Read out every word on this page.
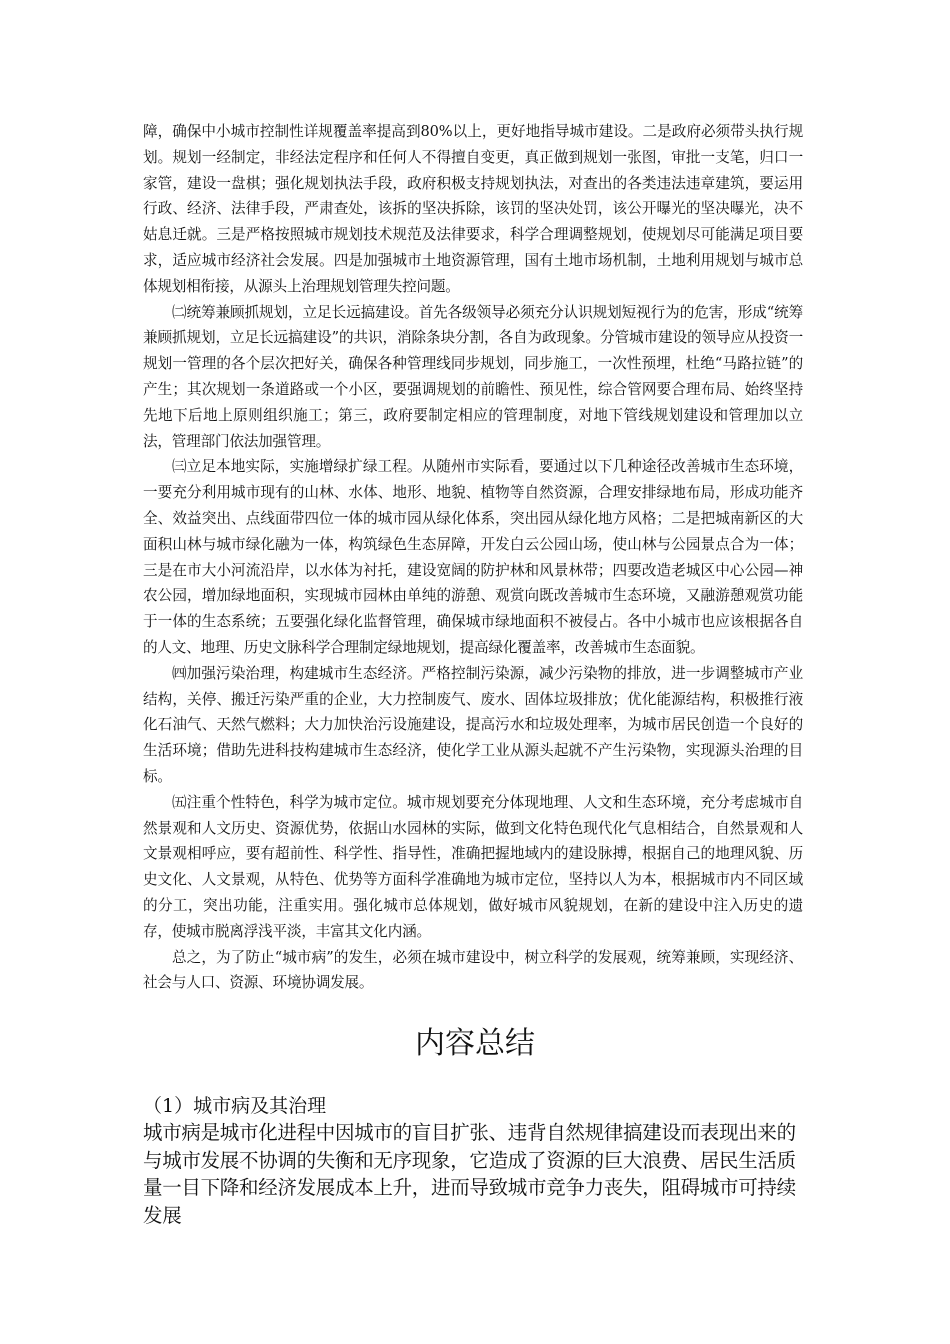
障，确保中小城市控制性详规覆盖率提高到80%以上，更好地指导城市建设。二是政府必须带头执行规划。规划一经制定，非经法定程序和任何人不得擅自变更，真正做到规划一张图，审批一支笔，归口一家管，建设一盘棋；强化规划执法手段，政府积极支持规划执法，对查出的各类违法违章建筑，要运用行政、经济、法律手段，严肃查处，该拆的坚决拆除，该罚的坚决处罚，该公开曝光的坚决曝光，决不姑息迁就。三是严格按照城市规划技术规范及法律要求，科学合理调整规划，使规划尽可能满足项目要求，适应城市经济社会发展。四是加强城市土地资源管理，国有土地市场机制，土地利用规划与城市总体规划相衔接，从源头上治理规划管理失控问题。

㈡统筹兼顾抓规划，立足长远搞建设。首先各级领导必须充分认识规划短视行为的危害，形成“统筹兼顾抓规划，立足长远搞建设”的共识，消除条块分割，各自为政现象。分管城市建设的领导应从投资一规划一管理的各个层次把好关，确保各种管理线同步规划，同步施工，一次性预埋，杜绝“马路拉链”的产生；其次规划一条道路或一个小区，要强调规划的前瞻性、预见性，综合管网要合理布局、始终坚持先地下后地上原则组织施工；第三，政府要制定相应的管理制度，对地下管线规划建设和管理加以立法，管理部门依法加强管理。

㈢立足本地实际，实施增绿扩绿工程。从随州市实际看，要通过以下几种途径改善城市生态环境，一要充分利用城市现有的山林、水体、地形、地貌、植物等自然资源，合理安排绿地布局，形成功能齐全、效益突出、点线面带四位一体的城市园从绿化体系，突出园从绿化地方风格；二是把城南新区的大面积山林与城市绿化融为一体，构筑绿色生态屏障，开发白云公园山场，使山林与公园景点合为一体；三是在市大小河流沿岸，以水体为衬托，建设宽阔的防护林和风景林带；四要改造老城区中心公园—神农公园，增加绿地面积，实现城市园林由单纯的游憩、观赏向既改善城市生态环境，又融游憩观赏功能于一体的生态系统；五要强化绿化监督管理，确保城市绿地面积不被侵占。各中小城市也应该根据各自的人文、地理、历史文脉科学合理制定绿地规划，提高绿化覆盖率，改善城市生态面貌。

㈣加强污染治理，构建城市生态经济。严格控制污染源，减少污染物的排放，进一步调整城市产业结构，关停、搬迁污染严重的企业，大力控制废气、废水、固体垃圾排放；优化能源结构，积极推行液化石油气、天然气燃料；大力加快治污设施建设，提高污水和垃圾处理率，为城市居民创造一个良好的生活环境；借助先进科技构建城市生态经济，使化学工业从源头起就不产生污染物，实现源头治理的目标。

㈤注重个性特色，科学为城市定位。城市规划要充分体现地理、人文和生态环境，充分考虑城市自然景观和人文历史、资源优势，依据山水园林的实际，做到文化特色现代化气息相结合，自然景观和人文景观相呼应，要有超前性、科学性、指导性，准确把握地域内的建设脉搏，根据自己的地理风貌、历史文化、人文景观，从特色、优势等方面科学准确地为城市定位，坚持以人为本，根据城市内不同区域的分工，突出功能，注重实用。强化城市总体规划，做好城市风貌规划，在新的建设中注入历史的遗存，使城市脱离浮浅平淡，丰富其文化内涵。

总之，为了防止“城市病”的发生，必须在城市建设中，树立科学的发展观，统筹兼顾，实现经济、社会与人口、资源、环境协调发展。

内容总结

（1）城市病及其治理

城市病是城市化进程中因城市的盲目扩张、违背自然规律搞建设而表现出来的与城市发展不协调的失衡和无序现象，它造成了资源的巨大浪费、居民生活质量一目下降和经济发展成本上升，进而导致城市竞争力丧失，阻碍城市可持续发展
